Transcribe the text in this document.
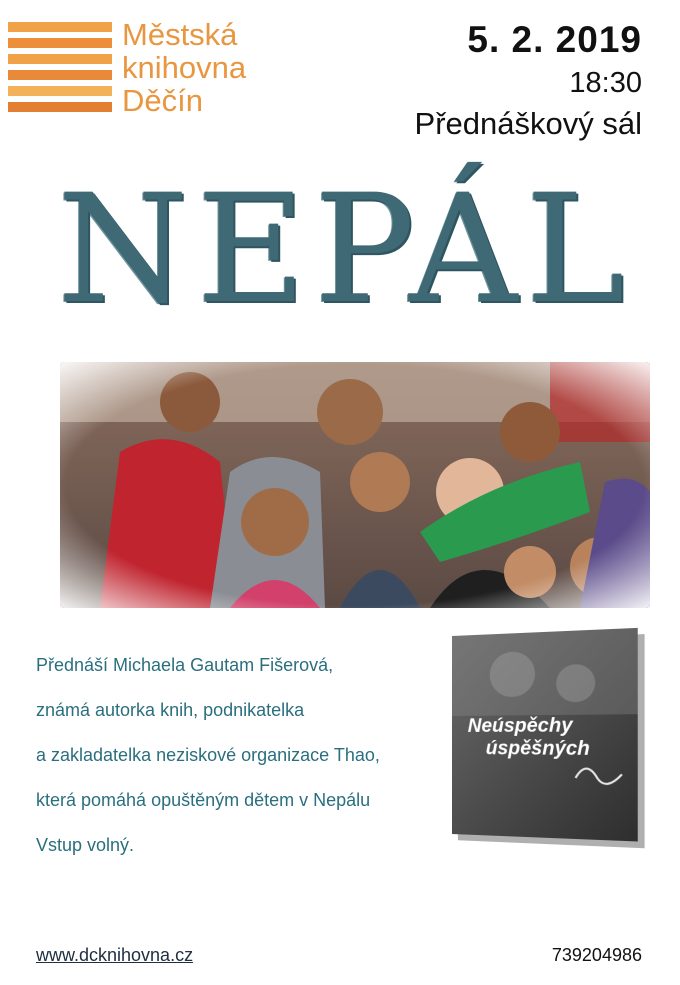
Městská
knihovna
Děčín
5. 2. 2019
18:30
Přednáškový sál
NEPÁL

Přednáší Michaela Gautam Fišerová,

známá autorka knih, podnikatelka

a zakladatelka neziskové organizace Thao,

která pomáhá opuštěným dětem v Nepálu

Vstup volný.

Neúspěchy
úspěšných
www.dcknihovna.cz	739204986
